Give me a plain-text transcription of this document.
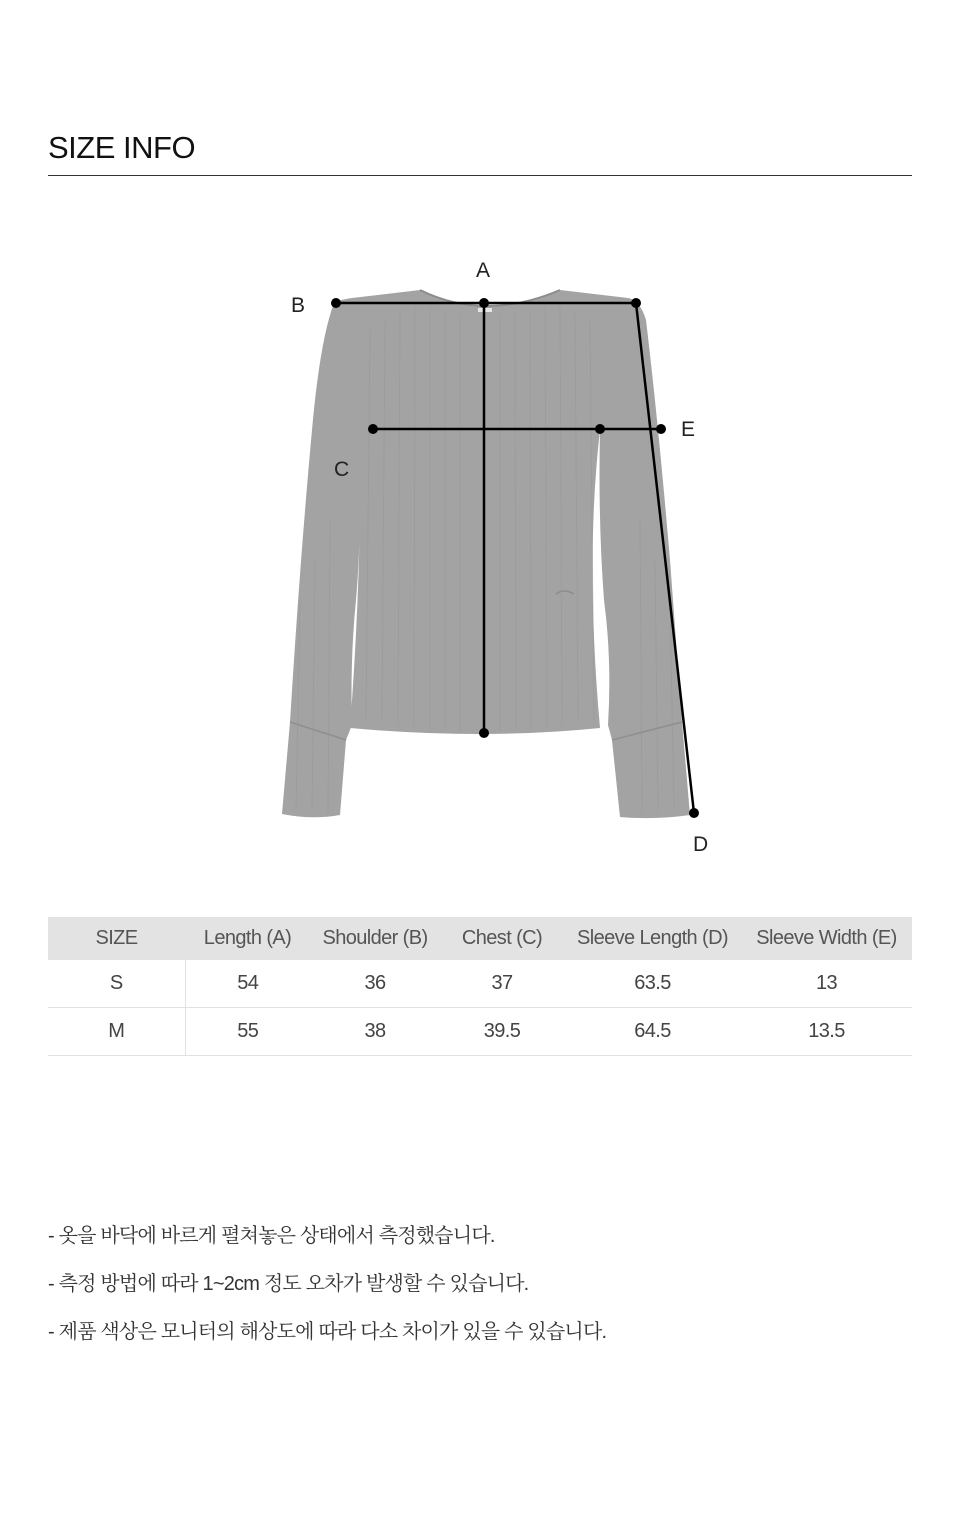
SIZE INFO
A
B
C
D
E
SIZE	Length (A)	Shoulder (B)	Chest (C)	Sleeve Length (D)	Sleeve Width (E)
S	54	36	37	63.5	13
M	55	38	39.5	64.5	13.5
- 옷을 바닥에 바르게 펼쳐놓은 상태에서 측정했습니다.
- 측정 방법에 따라 1~2cm 정도 오차가 발생할 수 있습니다.
- 제품 색상은 모니터의 해상도에 따라 다소 차이가 있을 수 있습니다.
